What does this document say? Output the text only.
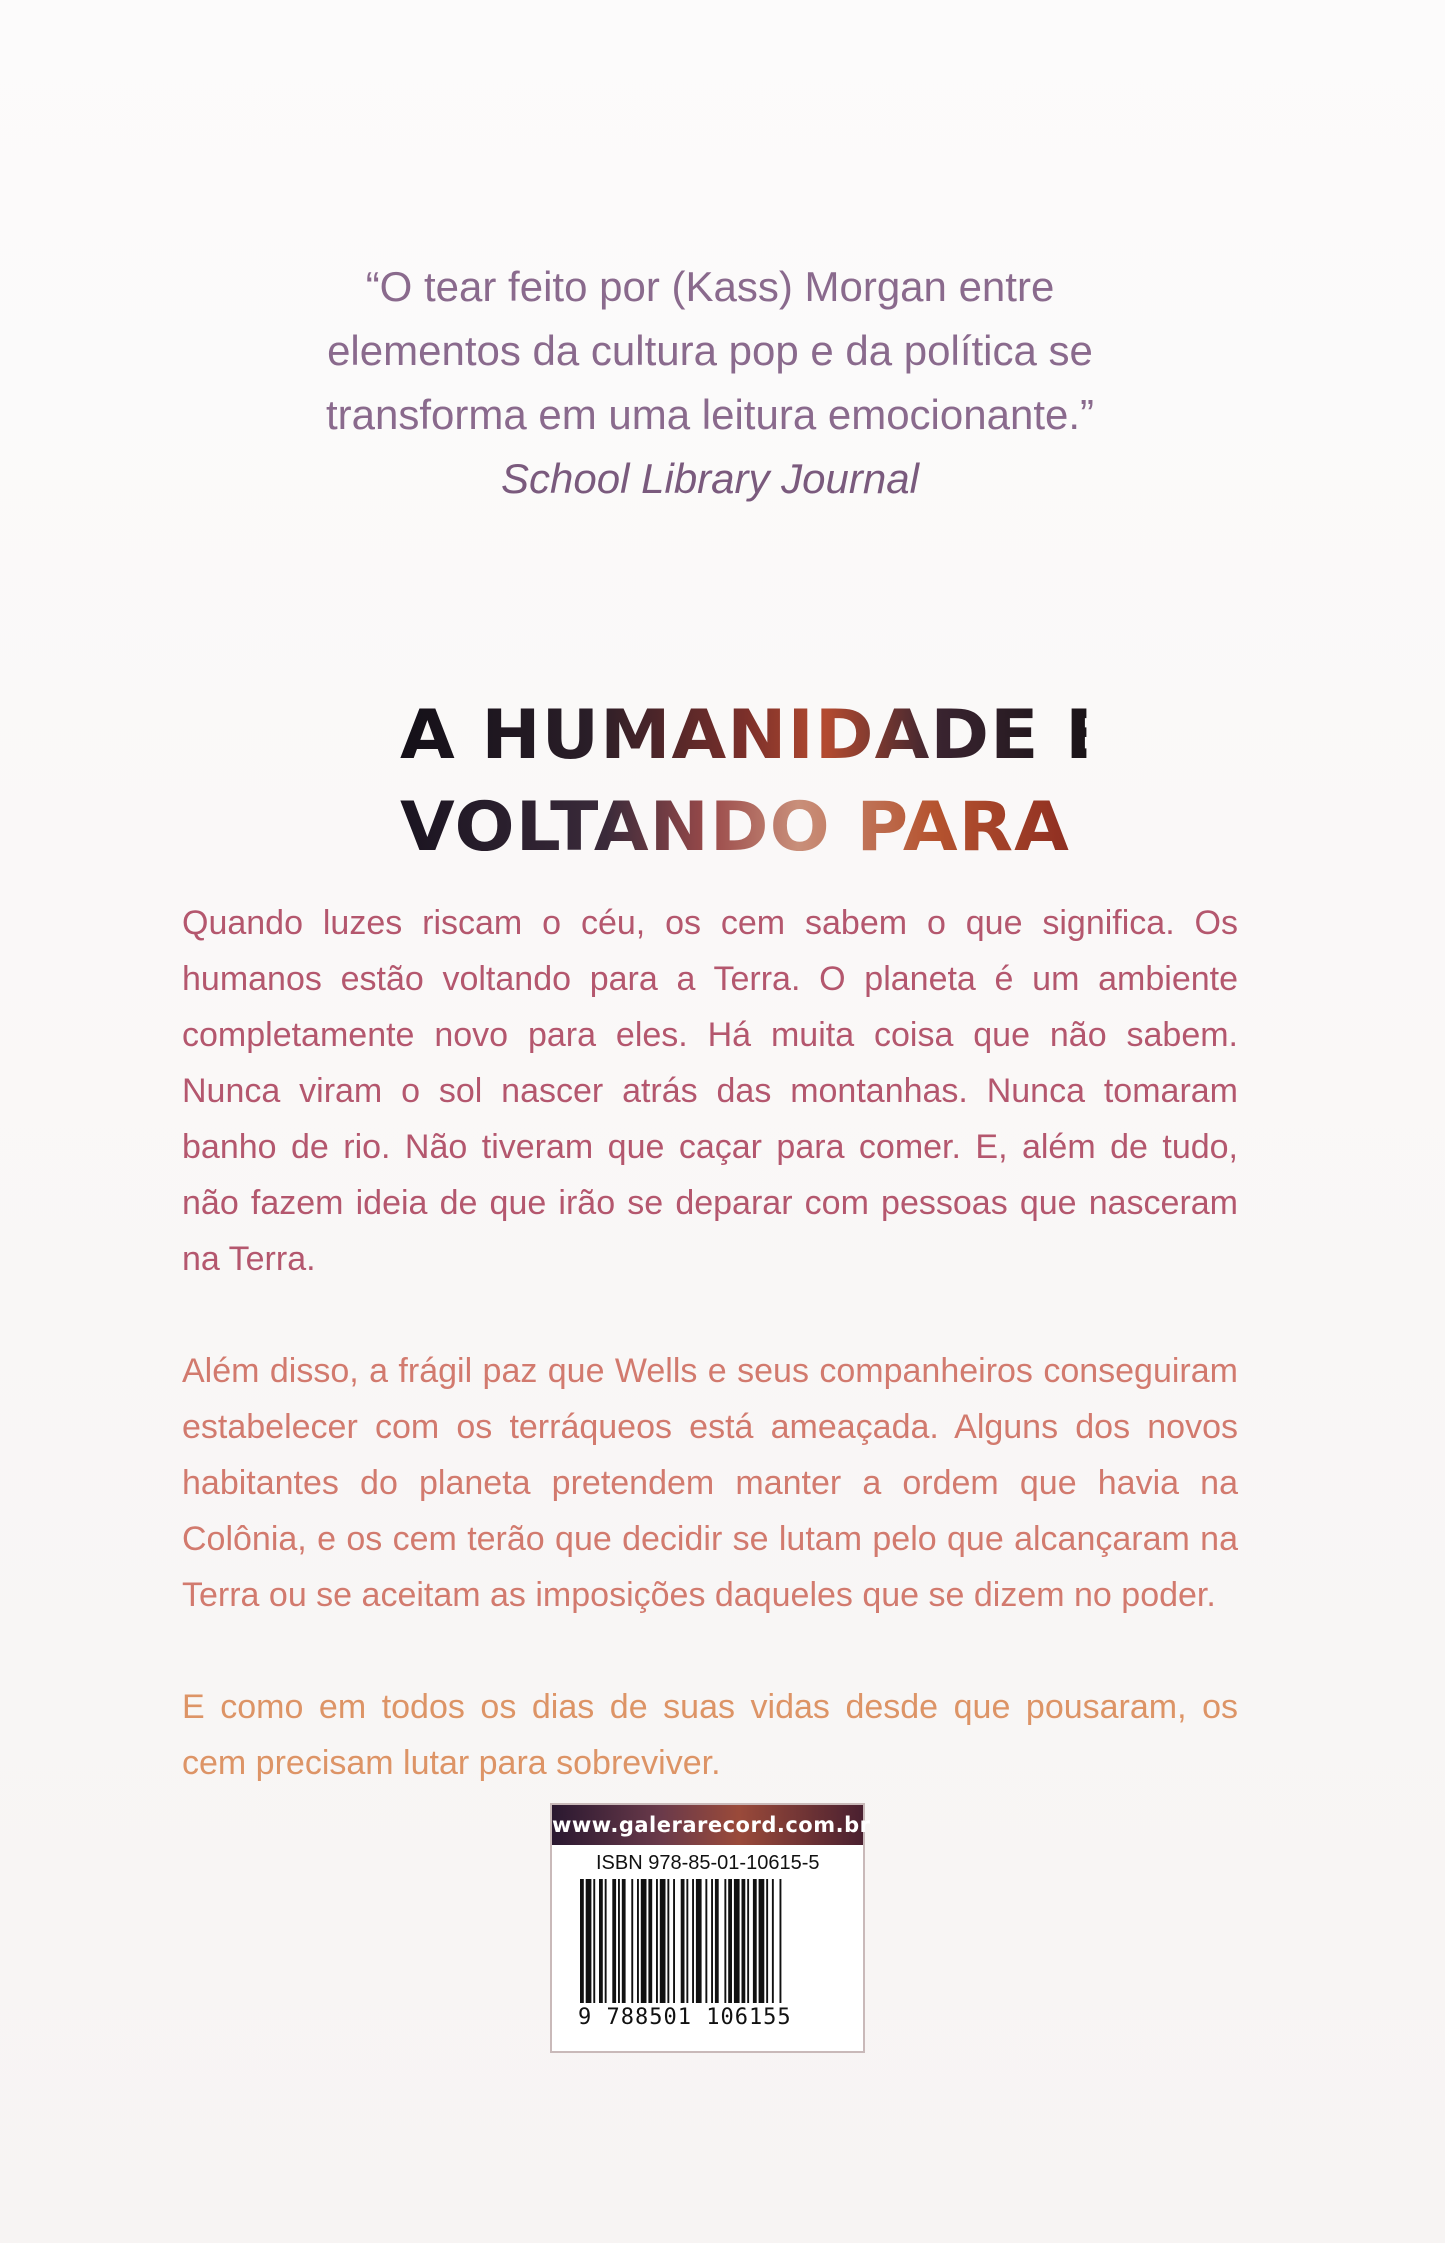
“O tear feito por (Kass) Morgan entre

elementos da cultura pop e da política se

transforma em uma leitura emocionante.”

School Library Journal

A HUMANIDADE ESTÁ
VOLTANDO PARA CASA

Quando luzes riscam o céu, os cem sabem o que significa. Os humanos estão voltando para a Terra. O planeta é um ambiente completamente novo para eles. Há muita coisa que não sabem. Nunca viram o sol nascer atrás das montanhas. Nunca tomaram banho de rio. Não tiveram que caçar para comer. E, além de tudo, não fazem ideia de que irão se deparar com pessoas que nasceram na Terra.

Além disso, a frágil paz que Wells e seus companheiros conseguiram estabelecer com os terráqueos está ameaçada. Alguns dos novos habitantes do planeta pretendem manter a ordem que havia na Colônia, e os cem terão que decidir se lutam pelo que alcançaram na Terra ou se aceitam as imposições daqueles que se dizem no poder.

E como em todos os dias de suas vidas desde que pousaram, os cem precisam lutar para sobreviver.

www.galerarecord.com.br
ISBN 978-85-01-10615-5
9 788501 106155
